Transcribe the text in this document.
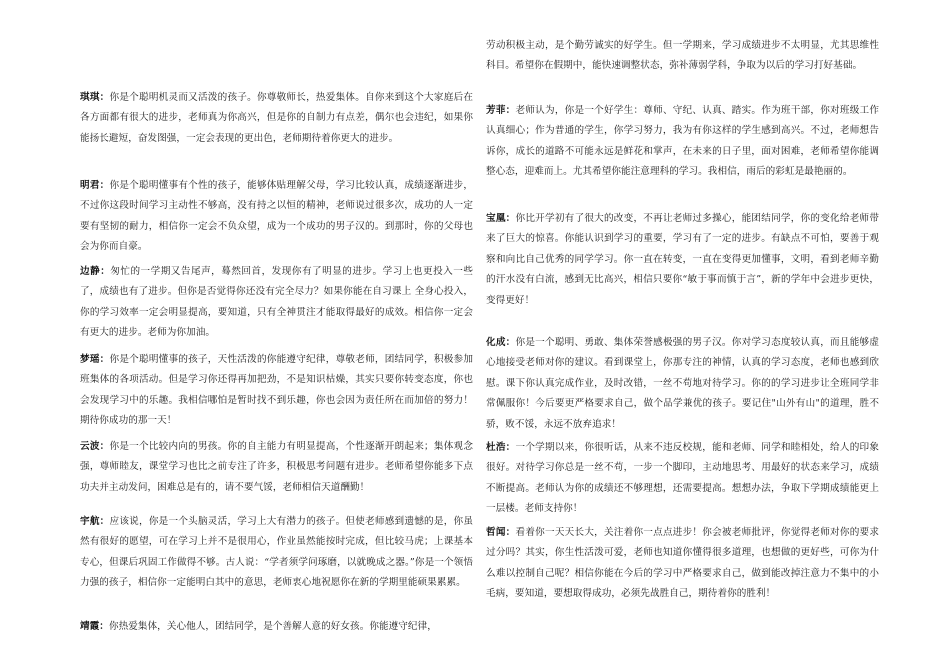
琪琪：你是个聪明机灵而又活泼的孩子。你尊敬师长，热爱集体。自你来到这个大家庭后在各方面都有很大的进步，老师真为你高兴，但是你的自制力有点差，偶尔也会违纪，如果你能扬长避短，奋发图强，一定会表现的更出色，老师期待着你更大的进步。

明君：你是个聪明懂事有个性的孩子，能够体贴理解父母，学习比较认真，成绩逐渐进步，不过你这段时间学习主动性不够高，没有持之以恒的精神，老师说过很多次，成功的人一定要有坚韧的耐力，相信你一定会不负众望，成为一个成功的男子汉的。到那时，你的父母也会为你而自豪。

边静：匆忙的一学期又告尾声，蓦然回首，发现你有了明显的进步。学习上也更投入一些了，成绩也有了进步。但你是否觉得你还没有完全尽力？如果你能在自习课上 全身心投入，你的学习效率一定会明显提高，要知道，只有全神贯注才能取得最好的成效。相信你一定会有更大的进步。老师为你加油。

梦瑶：你是个聪明懂事的孩子，天性活泼的你能遵守纪律，尊敬老师，团结同学，积极参加班集体的各项活动。但是学习你还得再加把劲，不是知识枯燥，其实只要你转变态度，你也会发现学习中的乐趣。我相信哪怕是暂时找不到乐趣，你也会因为责任所在而加倍的努力！期待你成功的那一天！

云波：你是一个比较内向的男孩。你的自主能力有明显提高，个性逐渐开朗起来；集体观念强，尊师睦友，课堂学习也比之前专注了许多，积极思考问题有进步。老师希望你能多下点功夫并主动发问，困难总是有的，请不要气馁，老师相信天道酬勤！

宇航：应该说，你是一个头脑灵活，学习上大有潜力的孩子。但使老师感到遗憾的是，你虽然有很好的愿望，可在学习上并不是很用心，作业虽然能按时完成，但比较马虎；上课基本专心，但课后巩固工作做得不够。古人说：“学者须学问琢磨，以就晚成之器。”你是一个领悟力强的孩子，相信你一定能明白其中的意思，老师衷心地祝愿你在新的学期里能硕果累累。

靖霞：你热爱集体，关心他人，团结同学，是个善解人意的好女孩。你能遵守纪律，

劳动积极主动，是个勤劳诚实的好学生。但一学期来，学习成绩进步不太明显，尤其思维性科目。希望你在假期中，能快速调整状态，弥补薄弱学科，争取为以后的学习打好基础。

芳菲：老师认为，你是一个好学生：尊师、守纪、认真、踏实。作为班干部，你对班级工作认真细心；作为普通的学生，你学习努力，我为有你这样的学生感到高兴。不过，老师想告诉你，成长的道路不可能永远是鲜花和掌声，在未来的日子里，面对困难，老师希望你能调整心态，迎难而上。尤其希望你能注意理科的学习。我相信，雨后的彩虹是最艳丽的。

宝凰：你比开学初有了很大的改变，不再让老师过多操心，能团结同学，你的变化给老师带来了巨大的惊喜。你能认识到学习的重要，学习有了一定的进步。有缺点不可怕，要善于观察和向比自己优秀的同学学习。你一直在转变，一直在变得更加懂事，文明，看到老师辛勤的汗水没有白流，感到无比高兴，相信只要你“敏于事而慎于言”，新的学年中会进步更快，变得更好！

化成：你是一个聪明、勇敢、集体荣誉感极强的男子汉。你对学习态度较认真，而且能够虚心地接受老师对你的建议。看到课堂上，你那专注的神情，认真的学习态度，老师也感到欣慰。课下你认真完成作业，及时改错，一丝不苟地对待学习。你的的学习进步让全班同学非常佩服你！今后要更严格要求自己，做个品学兼优的孩子。要记住"山外有山"的道理，胜不骄，败不馁，永远不放弃追求！

杜浩：一个学期以来，你很听话，从来不违反校规，能和老师、同学和睦相处，给人的印象很好。对待学习你总是一丝不苟，一步一个脚印，主动地思考、用最好的状态来学习，成绩不断提高。老师认为你的成绩还不够理想，还需要提高。想想办法，争取下学期成绩能更上一层楼。老师支持你！

哲闻：看着你一天天长大，关注着你一点点进步！你会被老师批评，你觉得老师对你的要求过分吗？其实，你生性活泼可爱，老师也知道你懂得很多道理，也想做的更好些，可你为什么难以控制自己呢？相信你能在今后的学习中严格要求自己，做到能改掉注意力不集中的小毛病，要知道，要想取得成功，必须先战胜自己，期待着你的胜利！
